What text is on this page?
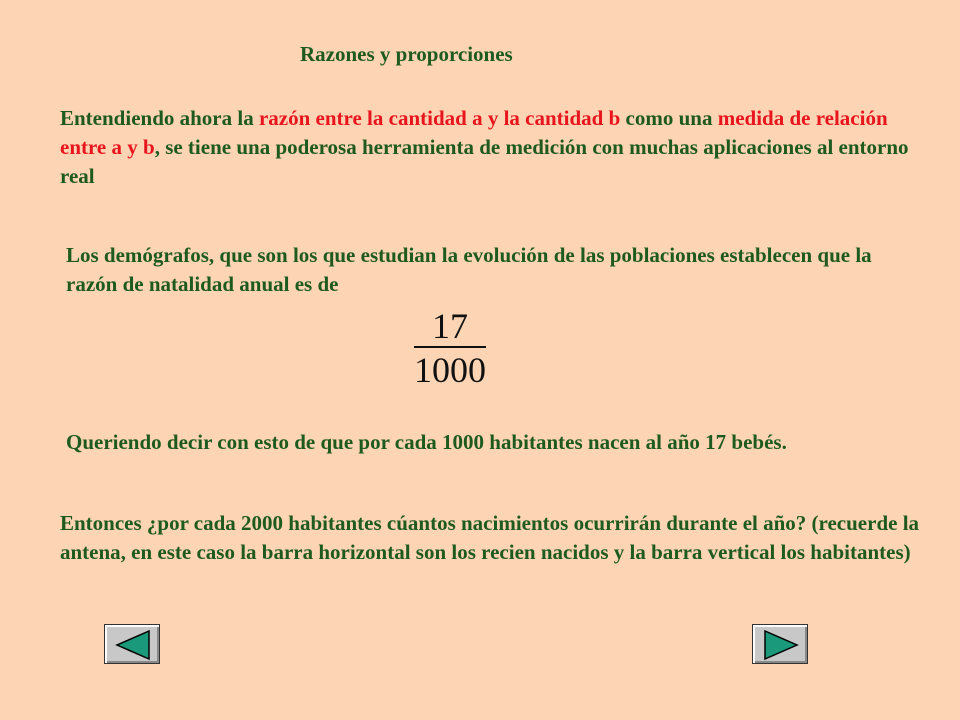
Razones y proporciones

Entendiendo ahora la razón entre la cantidad a y la cantidad b como una medida de relación entre a y b, se tiene una poderosa herramienta de medición con muchas aplicaciones al entorno real

Los demógrafos, que son los que estudian la evolución de las poblaciones establecen que la razón de natalidad anual es de

17
1000

Queriendo decir con esto de que por cada 1000 habitantes nacen al año 17 bebés.

Entonces ¿por cada 2000 habitantes cúantos nacimientos ocurrirán durante el año? (recuerde la antena, en este caso la barra horizontal son los recien nacidos y la barra vertical los habitantes)
